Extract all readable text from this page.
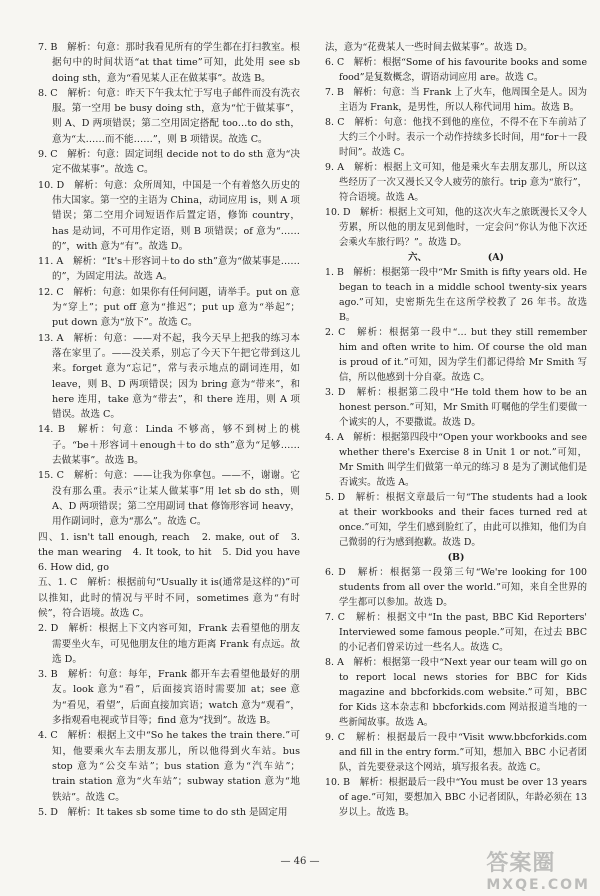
7. B　解析：句意：那时我看见所有的学生都在打扫教室。根据句中的时间状语“at that time”可知，此处用 see sb doing sth，意为“看见某人正在做某事”。故选 B。

8. C　解析：句意：昨天下午我太忙于写电子邮件而没有洗衣服。第一空用 be busy doing sth，意为“忙于做某事”，则 A、D 两项错误；第二空用固定搭配 too…to do sth，意为“太……而不能……”，则 B 项错误。故选 C。

9. C　解析：句意：固定词组 decide not to do sth 意为“决定不做某事”。故选 C。

10. D　解析：句意：众所周知，中国是一个有着悠久历史的伟大国家。第一空的主语为 China，动词应用 is，则 A 项错误；第二空用介词短语作后置定语，修饰 country，has 是动词，不可用作定语，则 B 项错误；of 意为“……的”，with 意为“有”。故选 D。

11. A　解析：“It's＋形容词＋to do sth”意为“做某事是……的”，为固定用法。故选 A。

12. C　解析：句意：如果你有任何问题，请举手。put on 意为“穿上”；put off 意为“推迟”；put up 意为“举起”；put down 意为“放下”。故选 C。

13. A　解析：句意：——对不起，我今天早上把我的练习本落在家里了。——没关系，别忘了今天下午把它带到这儿来。forget 意为“忘记”，常与表示地点的副词连用，如 leave，则 B、D 两项错误；因为 bring 意为“带来”，和 here 连用，take 意为“带去”，和 there 连用，则 A 项错误。故选 C。

14. B　解析：句意：Linda 不够高，够不到树上的桃子。“be＋形容词＋enough＋to do sth”意为“足够……去做某事”。故选 B。

15. C　解析：句意：——让我为你拿包。——不，谢谢。它没有那么重。表示“让某人做某事”用 let sb do sth，则 A、D 两项错误；第二空用副词 that 修饰形容词 heavy，用作副词时，意为“那么”。故选 C。

四、1. isn't tall enough, reach　2. make, out of　3. the man wearing　4. It took, to hit　5. Did you have　6. How did, go

五、1. C　解析：根据前句“Usually it is(通常是这样的)”可以推知，此时的情况与平时不同，sometimes 意为“有时候”，符合语境。故选 C。

2. D　解析：根据上下文内容可知，Frank 去看望他的朋友需要坐火车，可见他朋友住的地方距离 Frank 有点远。故选 D。

3. B　解析：句意：每年，Frank 都开车去看望他最好的朋友。look 意为“看”，后面接宾语时需要加 at；see 意为“看见，看望”，后面直接加宾语；watch 意为“观看”，多指观看电视或节目等；find 意为“找到”。故选 B。

4. C　解析：根据上文中“So he takes the train there.”可知，他要乘火车去朋友那儿，所以他得到火车站。bus stop 意为“公交车站”；bus station 意为“汽车站”；train station 意为“火车站”；subway station 意为“地铁站”。故选 C。

5. D　解析：It takes sb some time to do sth 是固定用

法，意为“花费某人一些时间去做某事”。故选 D。

6. C　解析：根据“Some of his favourite books and some food”是复数概念，谓语动词应用 are。故选 C。

7. B　解析：句意：当 Frank 上了火车，他周围全是人。因为主语为 Frank，是男性，所以人称代词用 him。故选 B。

8. C　解析：句意：他找不到他的座位，不得不在下车前站了大约三个小时。表示一个动作持续多长时间，用“for＋一段时间”。故选 C。

9. A　解析：根据上文可知，他是乘火车去朋友那儿，所以这些经历了一次又漫长又令人疲劳的旅行。trip 意为“旅行”，符合语境。故选 A。

10. D　解析：根据上文可知，他的这次火车之旅既漫长又令人劳累，所以他的朋友见到他时，一定会问“你认为他下次还会乘火车旅行吗？”。故选 D。

六、　　　　　　　(A)

1. B　解析：根据第一段中“Mr Smith is fifty years old. He began to teach in a middle school twenty-six years ago.”可知，史密斯先生在这所学校教了 26 年书。故选 B。

2. C　解析：根据第一段中“… but they still remember him and often write to him. Of course the old man is proud of it.”可知，因为学生们都记得给 Mr Smith 写信，所以他感到十分自豪。故选 C。

3. D　解析：根据第二段中“He told them how to be an honest person.”可知，Mr Smith 叮嘱他的学生们要做一个诚实的人，不要撒谎。故选 D。

4. A　解析：根据第四段中“Open your workbooks and see whether there's Exercise 8 in Unit 1 or not.”可知，Mr Smith 叫学生们做第一单元的练习 8 是为了测试他们是否诚实。故选 A。

5. D　解析：根据文章最后一句“The students had a look at their workbooks and their faces turned red at once.”可知，学生们感到脸红了，由此可以推知，他们为自己微弱的行为感到抱歉。故选 D。

(B)

6. D　解析：根据第一段第三句“We're looking for 100 students from all over the world.”可知，来自全世界的学生都可以参加。故选 D。

7. C　解析：根据文中“In the past, BBC Kid Reporters' Interviewed some famous people.”可知，在过去 BBC 的小记者们曾采访过一些名人。故选 C。

8. A　解析：根据第一段中“Next year our team will go on to report local news stories for BBC for Kids magazine and bbcforkids.com website.”可知，BBC for Kids 这本杂志和 bbcforkids.com 网站报道当地的一些新闻故事。故选 A。

9. C　解析：根据最后一段中“Visit www.bbcforkids.com and fill in the entry form.”可知，想加入 BBC 小记者团队，首先要登录这个网站，填写报名表。故选 C。

10. B　解析：根据最后一段中“You must be over 13 years of age.”可知，要想加入 BBC 小记者团队，年龄必须在 13 岁以上。故选 B。

— 46 —	答案圈
MXQE.COM
